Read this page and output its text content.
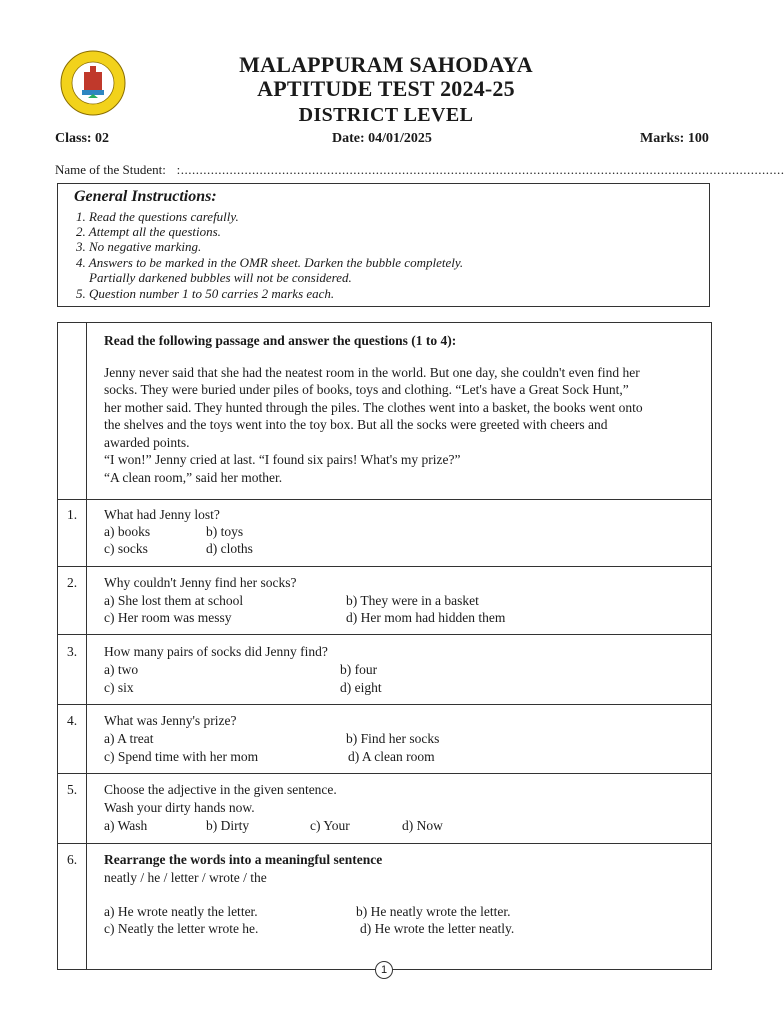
MALAPPURAM SAHODAYA
APTITUDE TEST 2024-25
DISTRICT LEVEL
Class: 02	Date: 04/01/2025	Marks: 100
Name of the Student:   :.................................................................................................................................................................
General Instructions:
1. Read the questions carefully.
2. Attempt all the questions.
3. No negative marking.
4. Answers to be marked in the OMR sheet. Darken the bubble completely.
Partially darkened bubbles will not be considered.
5. Question number 1 to 50 carries 2 marks each.
Read the following passage and answer the questions (1 to 4):
Jenny never said that she had the neatest room in the world. But one day, she couldn't even find her
socks. They were buried under piles of books, toys and clothing. “Let's have a Great Sock Hunt,”
her mother said. They hunted through the piles. The clothes went into a basket, the books went onto
the shelves and the toys went into the toy box. But all the socks were greeted with cheers and
awarded points.
“I won!” Jenny cried at last. “I found six pairs! What's my prize?”
“A clean room,” said her mother.
1.	What had Jenny lost?
a) books	b) toys
c) socks	d) cloths
2.	Why couldn't Jenny find her socks?
a) She lost them at school	b) They were in a basket
c) Her room was messy	d) Her mom had hidden them
3.	How many pairs of socks did Jenny find?
a) two	b) four
c) six	d) eight
4.	What was Jenny's prize?
a) A treat	b) Find her socks
c) Spend time with her mom	d) A clean room
5.	Choose the adjective in the given sentence.
Wash your dirty hands now.
a) Wash	b) Dirty	c) Your	d) Now
6.	Rearrange the words into a meaningful sentence
neatly / he / letter / wrote / the
a) He wrote neatly the letter.	b) He neatly wrote the letter.
c) Neatly the letter wrote he.	d) He wrote the letter neatly.
1
